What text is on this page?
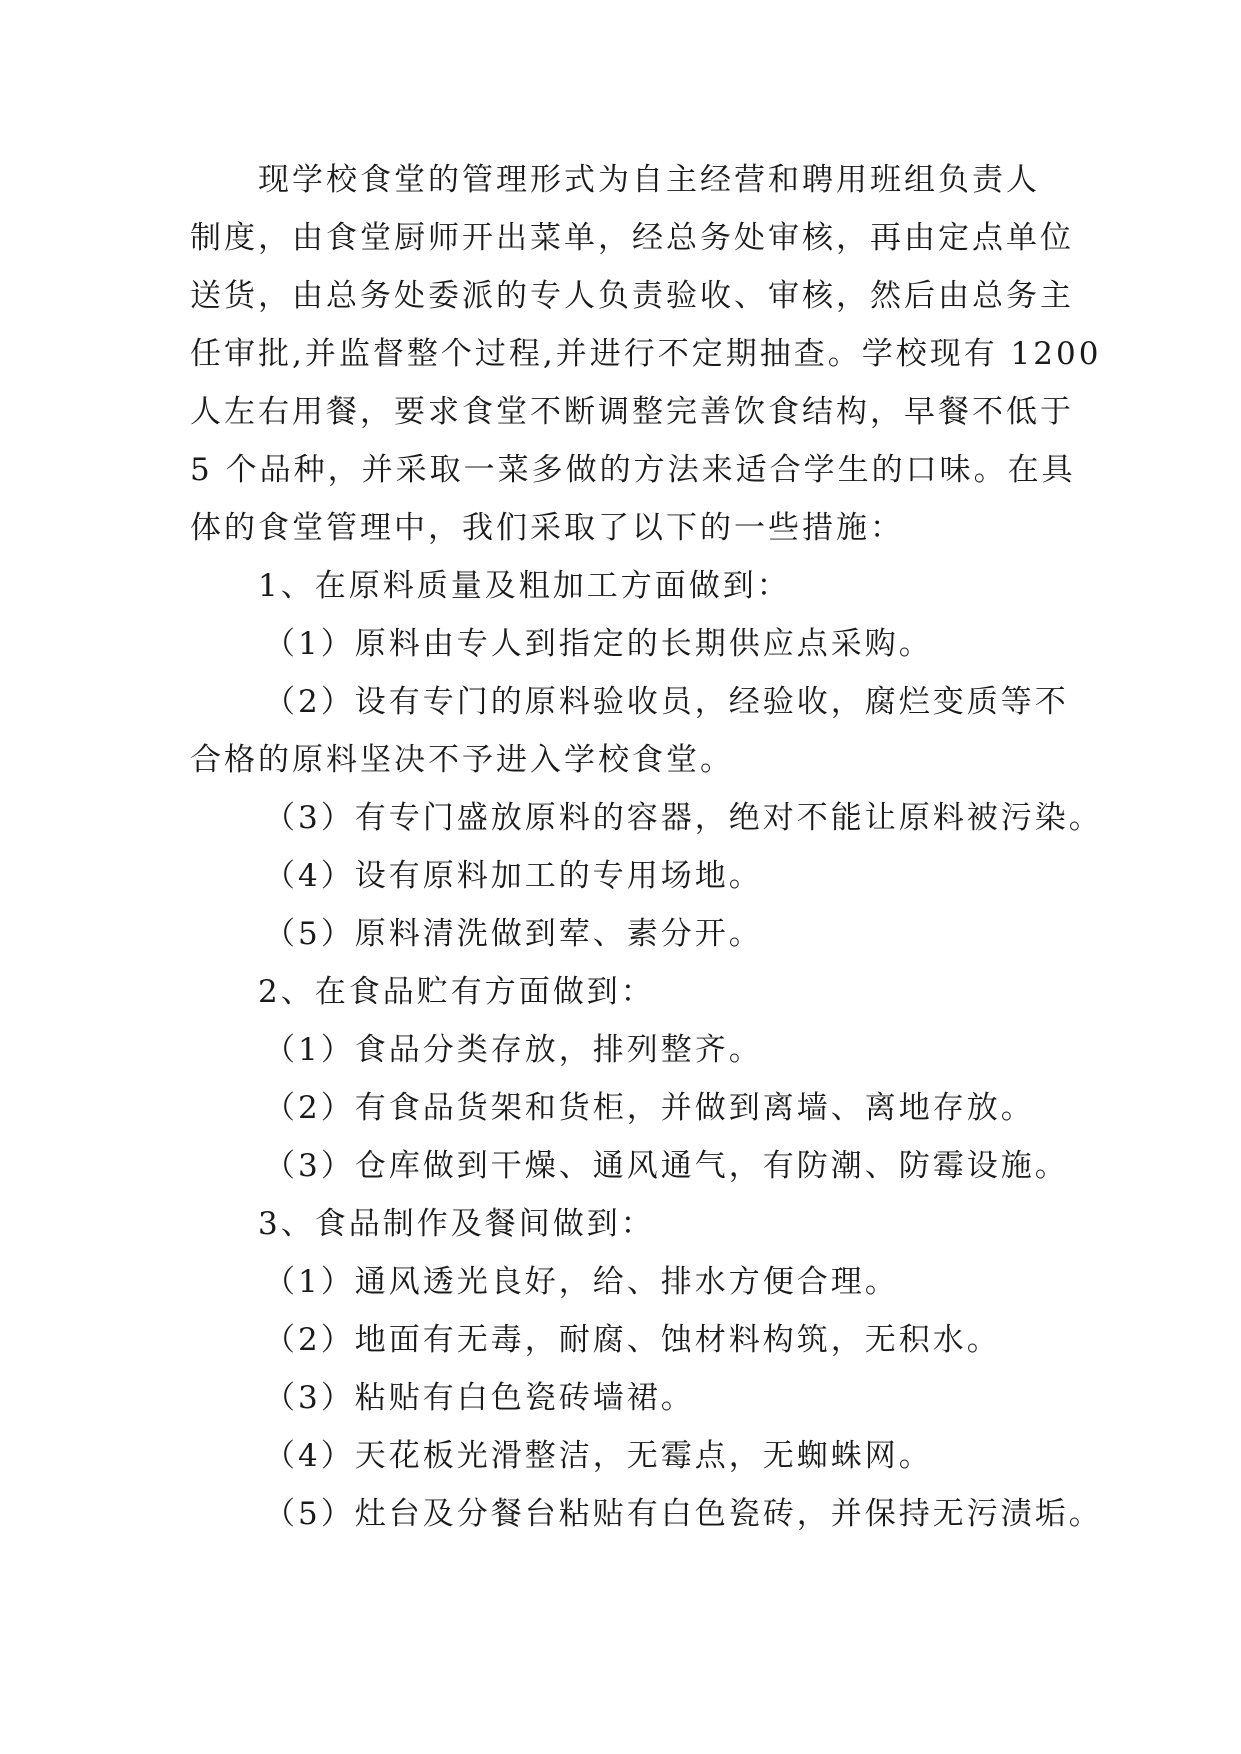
现学校食堂的管理形式为自主经营和聘用班组负责人
制度，由食堂厨师开出菜单，经总务处审核，再由定点单位
送货，由总务处委派的专人负责验收、审核，然后由总务主
任审批,并监督整个过程,并进行不定期抽查。学校现有 1200
人左右用餐，要求食堂不断调整完善饮食结构，早餐不低于
5 个品种，并采取一菜多做的方法来适合学生的口味。在具
体的食堂管理中，我们采取了以下的一些措施：
1、在原料质量及粗加工方面做到：
（1）原料由专人到指定的长期供应点采购。
（2）设有专门的原料验收员，经验收，腐烂变质等不
合格的原料坚决不予进入学校食堂。
（3）有专门盛放原料的容器，绝对不能让原料被污染。
（4）设有原料加工的专用场地。
（5）原料清洗做到荤、素分开。
2、在食品贮有方面做到：
（1）食品分类存放，排列整齐。
（2）有食品货架和货柜，并做到离墙、离地存放。
（3）仓库做到干燥、通风通气，有防潮、防霉设施。
3、食品制作及餐间做到：
（1）通风透光良好，给、排水方便合理。
（2）地面有无毒，耐腐、蚀材料构筑，无积水。
（3）粘贴有白色瓷砖墙裙。
（4）天花板光滑整洁，无霉点，无蜘蛛网。
（5）灶台及分餐台粘贴有白色瓷砖，并保持无污渍垢。
